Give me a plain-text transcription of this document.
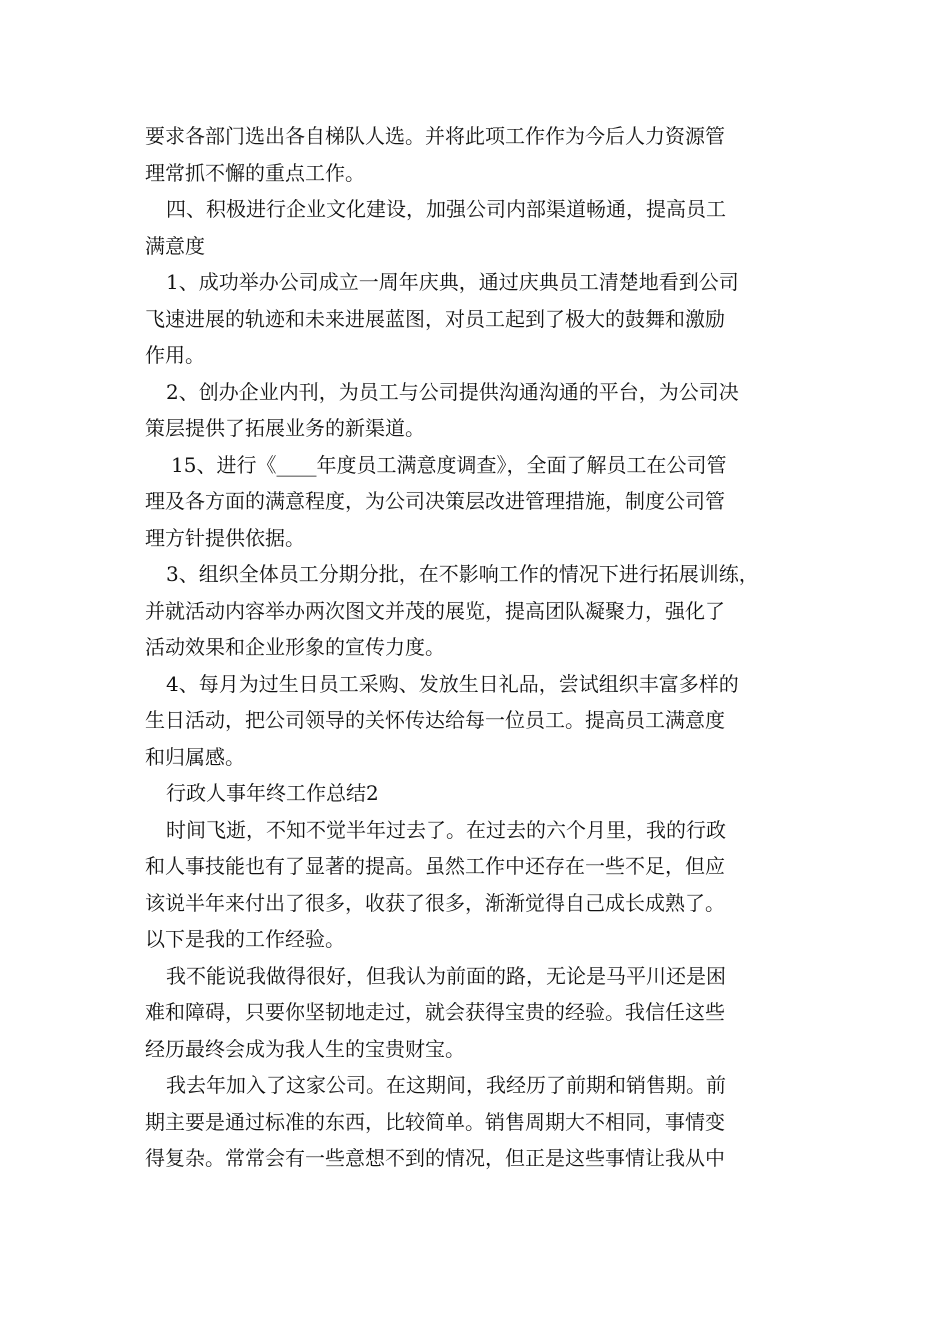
要求各部门选出各自梯队人选。并将此项工作作为今后人力资源管
理常抓不懈的重点工作。
四、积极进行企业文化建设，加强公司内部渠道畅通，提高员工
满意度
1、成功举办公司成立一周年庆典，通过庆典员工清楚地看到公司
飞速进展的轨迹和未来进展蓝图，对员工起到了极大的鼓舞和激励
作用。
2、创办企业内刊，为员工与公司提供沟通沟通的平台，为公司决
策层提供了拓展业务的新渠道。
15、进行《____年度员工满意度调查》，全面了解员工在公司管
理及各方面的满意程度，为公司决策层改进管理措施，制度公司管
理方针提供依据。
3、组织全体员工分期分批，在不影响工作的情况下进行拓展训练，
并就活动内容举办两次图文并茂的展览，提高团队凝聚力，强化了
活动效果和企业形象的宣传力度。
4、每月为过生日员工采购、发放生日礼品，尝试组织丰富多样的
生日活动，把公司领导的关怀传达给每一位员工。提高员工满意度
和归属感。
行政人事年终工作总结2
时间飞逝，不知不觉半年过去了。在过去的六个月里，我的行政
和人事技能也有了显著的提高。虽然工作中还存在一些不足，但应
该说半年来付出了很多，收获了很多，渐渐觉得自己成长成熟了。
以下是我的工作经验。
我不能说我做得很好，但我认为前面的路，无论是马平川还是困
难和障碍，只要你坚韧地走过，就会获得宝贵的经验。我信任这些
经历最终会成为我人生的宝贵财宝。
我去年加入了这家公司。在这期间，我经历了前期和销售期。前
期主要是通过标准的东西，比较简单。销售周期大不相同，事情变
得复杂。常常会有一些意想不到的情况，但正是这些事情让我从中
